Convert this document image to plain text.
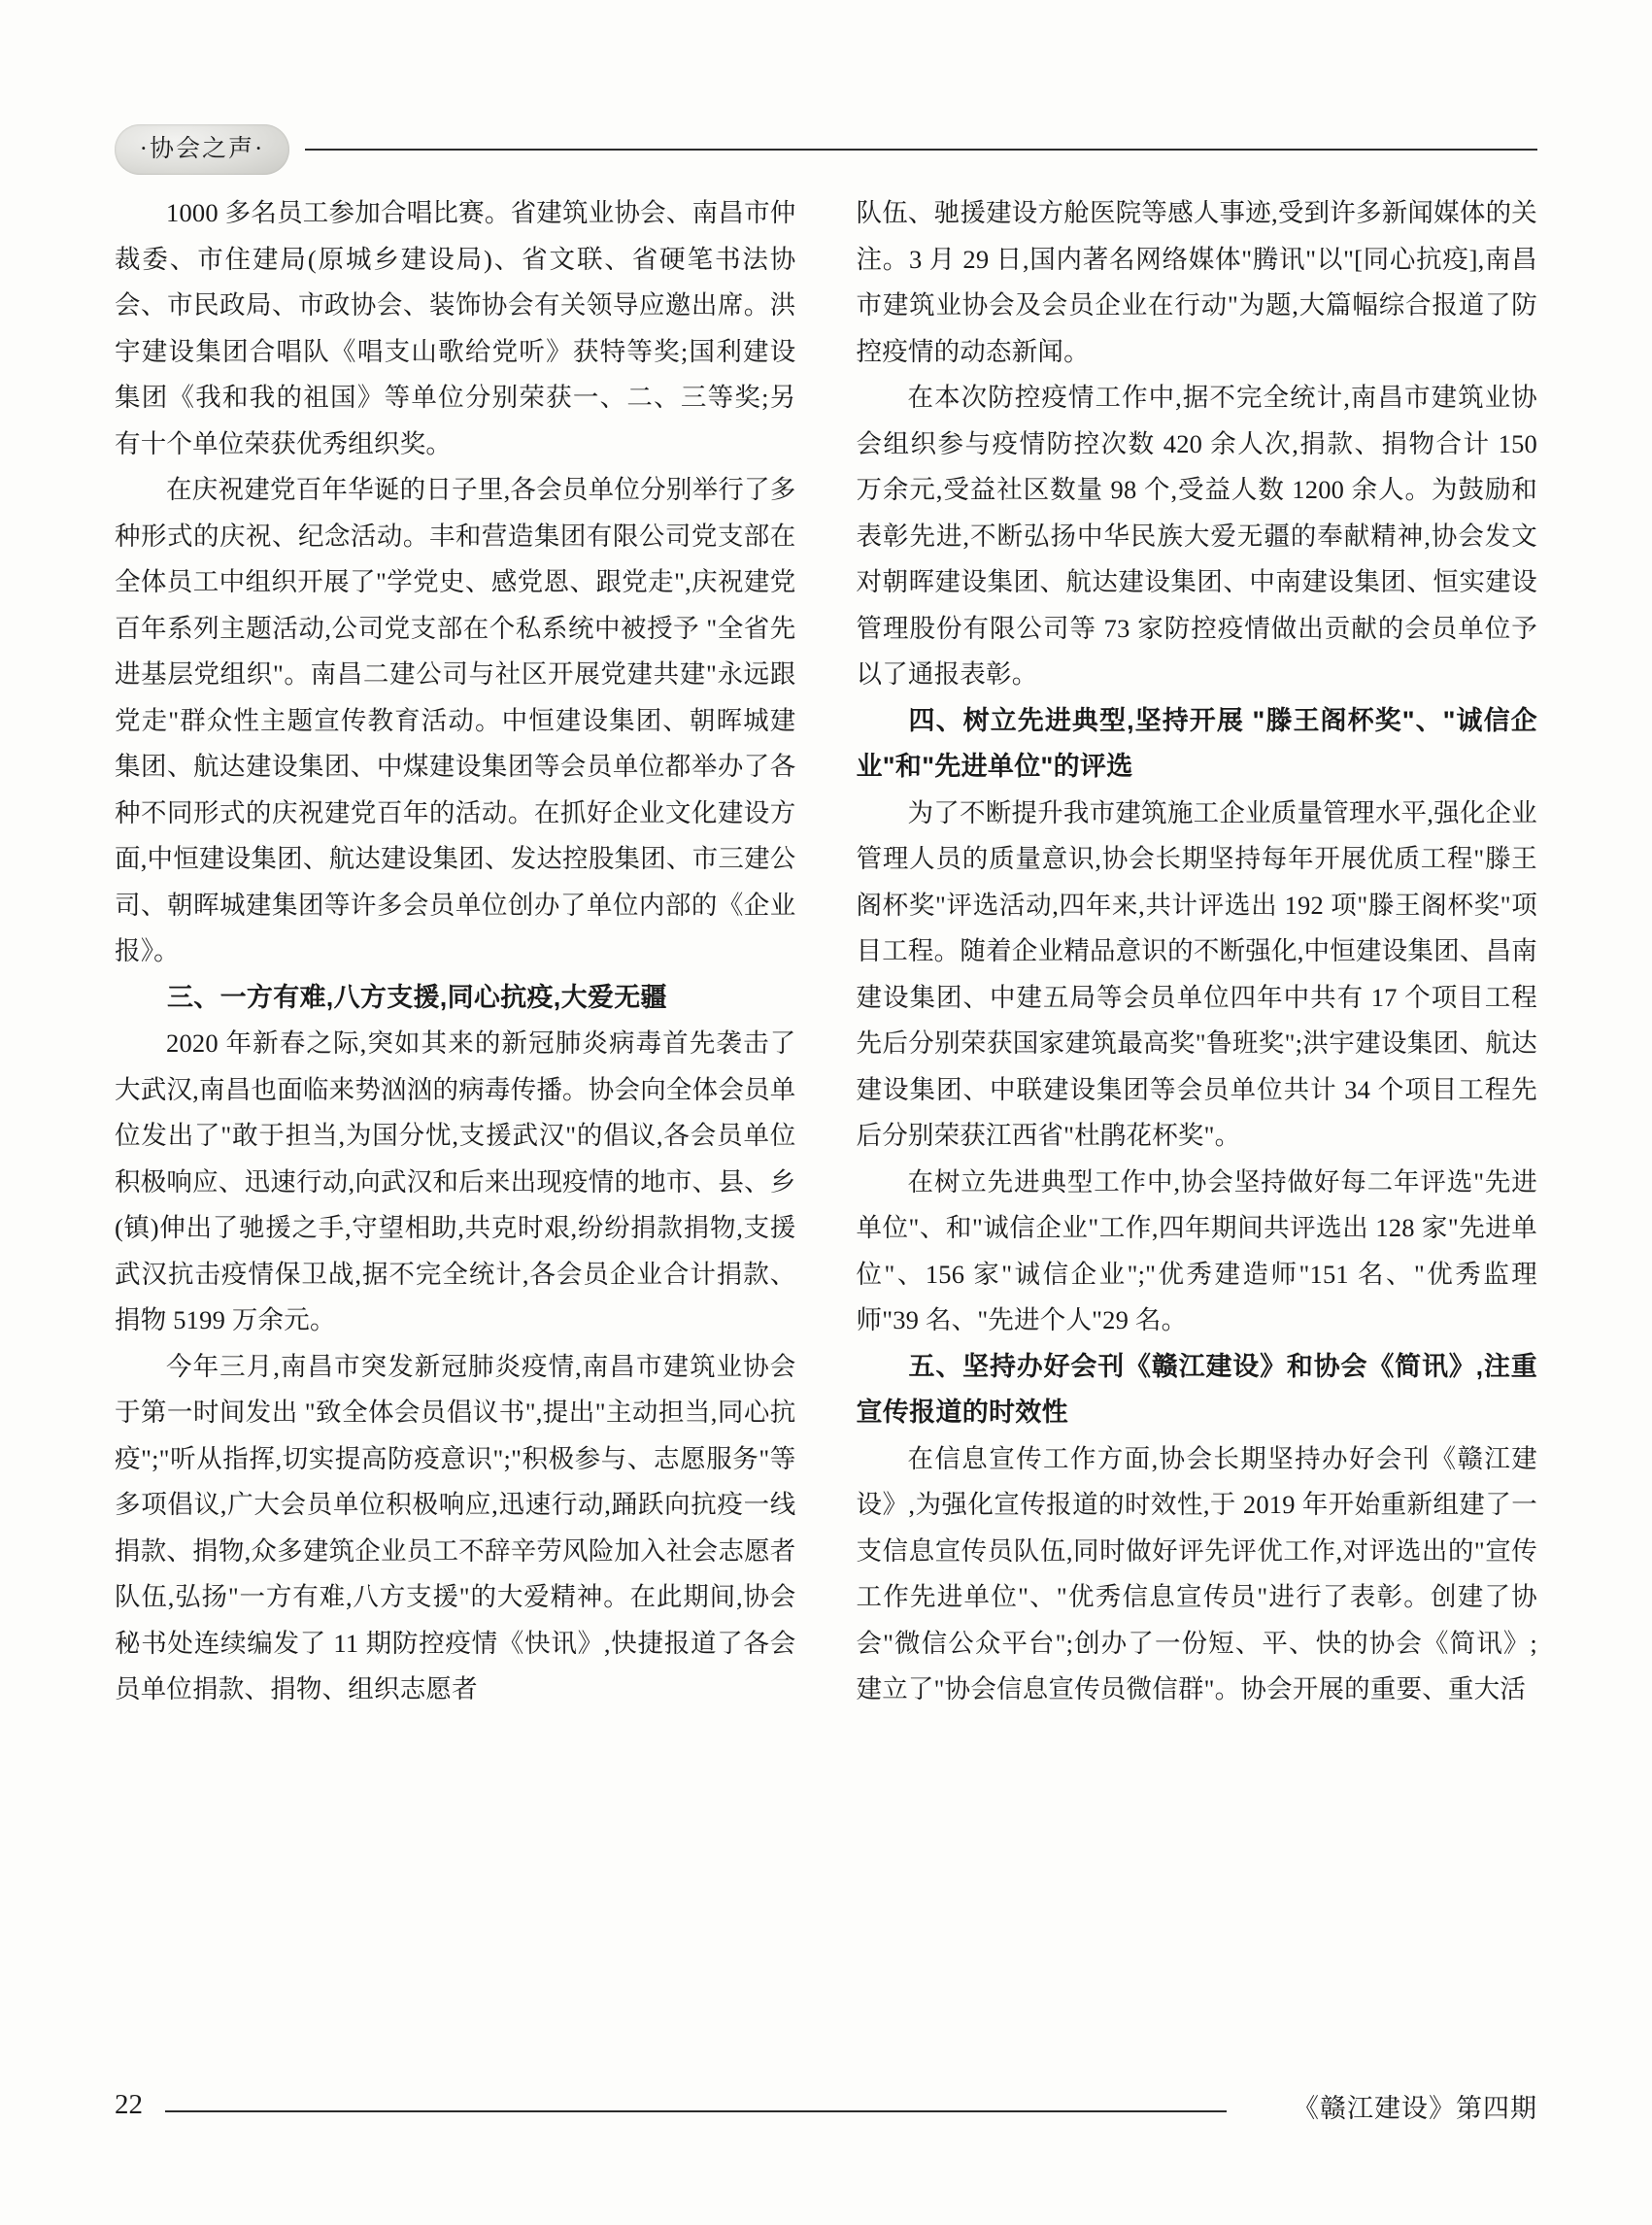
·协会之声·

1000 多名员工参加合唱比赛。省建筑业协会、南昌市仲裁委、市住建局(原城乡建设局)、省文联、省硬笔书法协会、市民政局、市政协会、装饰协会有关领导应邀出席。洪宇建设集团合唱队《唱支山歌给党听》获特等奖;国利建设集团《我和我的祖国》等单位分别荣获一、二、三等奖;另有十个单位荣获优秀组织奖。

在庆祝建党百年华诞的日子里,各会员单位分别举行了多种形式的庆祝、纪念活动。丰和营造集团有限公司党支部在全体员工中组织开展了"学党史、感党恩、跟党走",庆祝建党百年系列主题活动,公司党支部在个私系统中被授予 "全省先进基层党组织"。南昌二建公司与社区开展党建共建"永远跟党走"群众性主题宣传教育活动。中恒建设集团、朝晖城建集团、航达建设集团、中煤建设集团等会员单位都举办了各种不同形式的庆祝建党百年的活动。在抓好企业文化建设方面,中恒建设集团、航达建设集团、发达控股集团、市三建公司、朝晖城建集团等许多会员单位创办了单位内部的《企业报》。

三、一方有难,八方支援,同心抗疫,大爱无疆

2020 年新春之际,突如其来的新冠肺炎病毒首先袭击了大武汉,南昌也面临来势汹汹的病毒传播。协会向全体会员单位发出了"敢于担当,为国分忧,支援武汉"的倡议,各会员单位积极响应、迅速行动,向武汉和后来出现疫情的地市、县、乡(镇)伸出了驰援之手,守望相助,共克时艰,纷纷捐款捐物,支援武汉抗击疫情保卫战,据不完全统计,各会员企业合计捐款、捐物 5199 万余元。

今年三月,南昌市突发新冠肺炎疫情,南昌市建筑业协会于第一时间发出 "致全体会员倡议书",提出"主动担当,同心抗疫";"听从指挥,切实提高防疫意识";"积极参与、志愿服务"等多项倡议,广大会员单位积极响应,迅速行动,踊跃向抗疫一线捐款、捐物,众多建筑企业员工不辞辛劳风险加入社会志愿者队伍,弘扬"一方有难,八方支援"的大爱精神。在此期间,协会秘书处连续编发了 11 期防控疫情《快讯》,快捷报道了各会员单位捐款、捐物、组织志愿者

队伍、驰援建设方舱医院等感人事迹,受到许多新闻媒体的关注。3 月 29 日,国内著名网络媒体"腾讯"以"[同心抗疫],南昌市建筑业协会及会员企业在行动"为题,大篇幅综合报道了防控疫情的动态新闻。

在本次防控疫情工作中,据不完全统计,南昌市建筑业协会组织参与疫情防控次数 420 余人次,捐款、捐物合计 150 万余元,受益社区数量 98 个,受益人数 1200 余人。为鼓励和表彰先进,不断弘扬中华民族大爱无疆的奉献精神,协会发文对朝晖建设集团、航达建设集团、中南建设集团、恒实建设管理股份有限公司等 73 家防控疫情做出贡献的会员单位予以了通报表彰。

四、树立先进典型,坚持开展 "滕王阁杯奖"、"诚信企业"和"先进单位"的评选

为了不断提升我市建筑施工企业质量管理水平,强化企业管理人员的质量意识,协会长期坚持每年开展优质工程"滕王阁杯奖"评选活动,四年来,共计评选出 192 项"滕王阁杯奖"项目工程。随着企业精品意识的不断强化,中恒建设集团、昌南建设集团、中建五局等会员单位四年中共有 17 个项目工程先后分别荣获国家建筑最高奖"鲁班奖";洪宇建设集团、航达建设集团、中联建设集团等会员单位共计 34 个项目工程先后分别荣获江西省"杜鹃花杯奖"。

在树立先进典型工作中,协会坚持做好每二年评选"先进单位"、和"诚信企业"工作,四年期间共评选出 128 家"先进单位"、156 家"诚信企业";"优秀建造师"151 名、"优秀监理师"39 名、"先进个人"29 名。

五、坚持办好会刊《赣江建设》和协会《简讯》,注重宣传报道的时效性

在信息宣传工作方面,协会长期坚持办好会刊《赣江建设》,为强化宣传报道的时效性,于 2019 年开始重新组建了一支信息宣传员队伍,同时做好评先评优工作,对评选出的"宣传工作先进单位"、"优秀信息宣传员"进行了表彰。创建了协会"微信公众平台";创办了一份短、平、快的协会《简讯》;建立了"协会信息宣传员微信群"。协会开展的重要、重大活

22	《赣江建设》第四期
